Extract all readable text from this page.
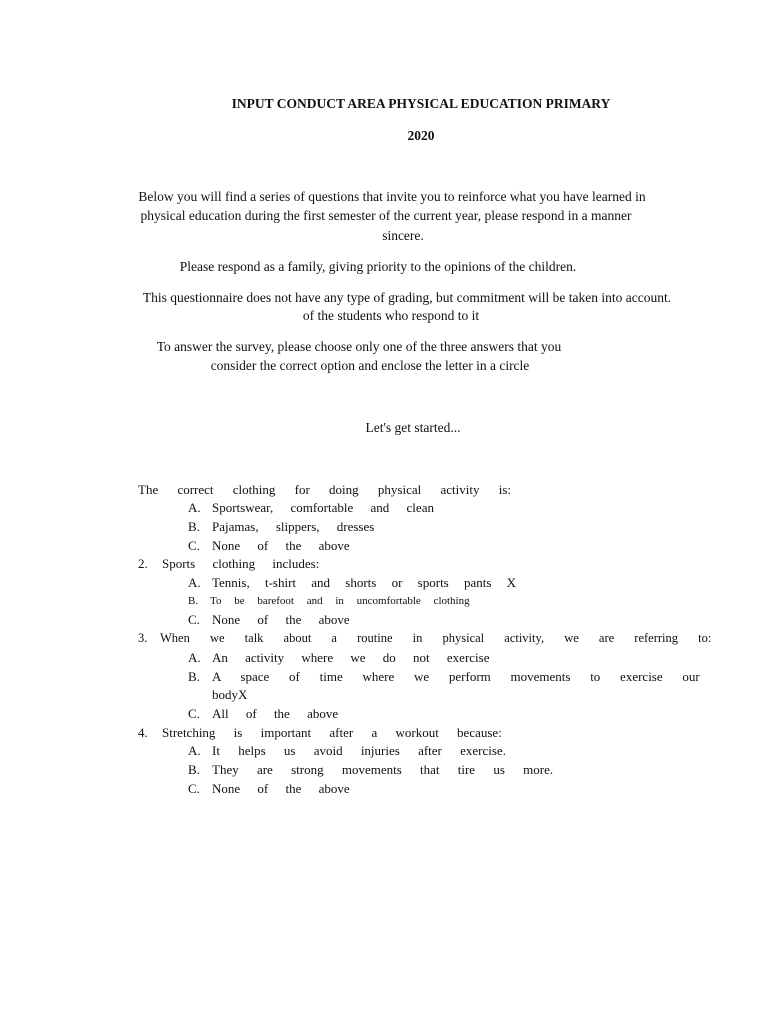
INPUT CONDUCT AREA PHYSICAL EDUCATION PRIMARY
2020
Below you will find a series of questions that invite you to reinforce what you have learned in
physical education during the first semester of the current year, please respond in a manner
sincere.
Please respond as a family, giving priority to the opinions of the children.
This questionnaire does not have any type of grading, but commitment will be taken into account.
of the students who respond to it
To answer the survey, please choose only one of the three answers that you
consider the correct option and enclose the letter in a circle
Let's get started...
The correct clothing for doing physical activity is:
A. Sportswear, comfortable and clean
B. Pajamas, slippers, dresses
C. None of the above
2. Sports clothing includes:
A. Tennis, t-shirt and shorts or sports pants X
B. To be barefoot and in uncomfortable clothing
C. None of the above
3. When we talk about a routine in physical activity, we are referring to:
A. An activity where we do not exercise
B. A space of time where we perform movements to exercise our
bodyX
C. All of the above
4. Stretching is important after a workout because:
A. It helps us avoid injuries after exercise.
B. They are strong movements that tire us more.
C. None of the above
